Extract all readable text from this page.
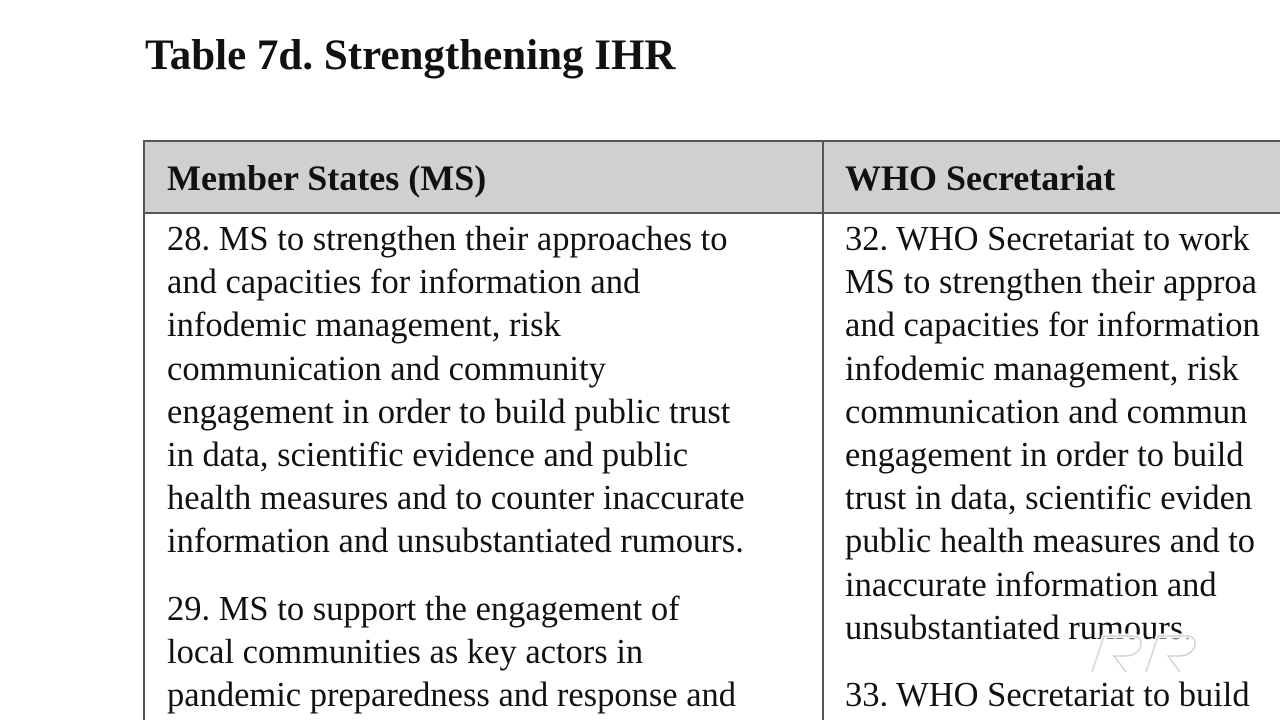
Table 7d. Strengthening IHR
Member States (MS)	WHO Secretariat

28. MS to strengthen their approaches to
and capacities for information and
infodemic management, risk
communication and community
engagement in order to build public trust
in data, scientific evidence and public
health measures and to counter inaccurate
information and unsubstantiated rumours.

29. MS to support the engagement of
local communities as key actors in
pandemic preparedness and response and

32. WHO Secretariat to work
MS to strengthen their approa
and capacities for information
infodemic management, risk
communication and commun
engagement in order to build
trust in data, scientific eviden
public health measures and to
inaccurate information and
unsubstantiated rumours.

33. WHO Secretariat to build
